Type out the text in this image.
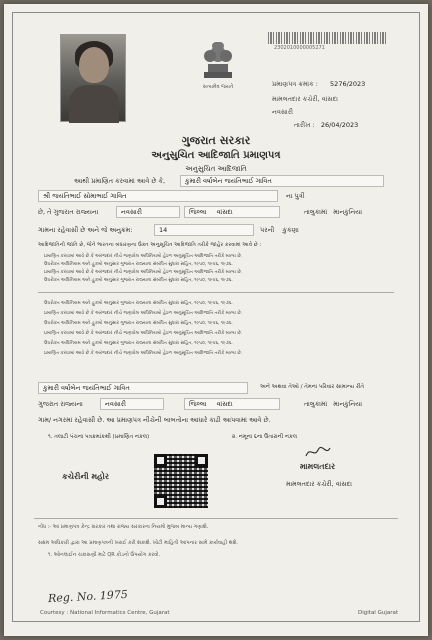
સત્યમેવ જયતે
2302010000005271
પ્રમાણપત્ર ક્રમાંક : 5276/2023
મામલતદાર કચેરી, વાંસદા
નવસારી
તારીખ : 26/04/2023
ગુજરાત સરકાર
અનુસુચિત આદિજાતિ પ્રમાણપત્ર
અનુસુચિત આદિજાતિ
આથી પ્રમાણિત કરવામાં આવે છે કે,	કુમારી વર્ષાબેન જયંતિભાઈ ગાવિત
શ્રી જયંતિભાઈ સોમાભાઈ ગાવિત	ના પુત્રી
છે, તે ગુજરાત રાજ્યના	નવસારી	જિલ્લા વાંસદા	તાલુકામાં માનકુનિયા
ગામના રહેવાસી છે અને જે અનુક્રમ:	14	પરની કુકણા
આદિજાતિની જાતિ છે, જેને ભારતના બંધારણના ઉક્ત અનુસૂચિત આદિજાતિ તરીકે જાહેર કરવામાં આવે છે :
પ્રમાણિત કરવામાં આવે છે કે અરજદાર નીચે જણાવેલ અધિનિયમો હેઠળ અનુસૂચિત આદિજાતિ તરીકે માન્ય છે.
ઉપરોક્ત અધિનિયમ અને હુકમો અનુસાર ગુજરાત રાજ્યના સંબંધિત સુધારા સહિત, ૧૯૫૦, ૧૯૫૬, ૧૯૭૬.
પ્રમાણિત કરવામાં આવે છે કે અરજદાર નીચે જણાવેલ અધિનિયમો હેઠળ અનુસૂચિત આદિજાતિ તરીકે માન્ય છે.
ઉપરોક્ત અધિનિયમ અને હુકમો અનુસાર ગુજરાત રાજ્યના સંબંધિત સુધારા સહિત, ૧૯૫૦, ૧૯૫૬, ૧૯૭૬.
ઉપરોક્ત અધિનિયમ અને હુકમો અનુસાર ગુજરાત રાજ્યના સંબંધિત સુધારા સહિત, ૧૯૫૦, ૧૯૫૬, ૧૯૭૬.
પ્રમાણિત કરવામાં આવે છે કે અરજદાર નીચે જણાવેલ અધિનિયમો હેઠળ અનુસૂચિત આદિજાતિ તરીકે માન્ય છે.
ઉપરોક્ત અધિનિયમ અને હુકમો અનુસાર ગુજરાત રાજ્યના સંબંધિત સુધારા સહિત, ૧૯૫૦, ૧૯૫૬, ૧૯૭૬.
પ્રમાણિત કરવામાં આવે છે કે અરજદાર નીચે જણાવેલ અધિનિયમો હેઠળ અનુસૂચિત આદિજાતિ તરીકે માન્ય છે.
ઉપરોક્ત અધિનિયમ અને હુકમો અનુસાર ગુજરાત રાજ્યના સંબંધિત સુધારા સહિત, ૧૯૫૦, ૧૯૫૬, ૧૯૭૬.
પ્રમાણિત કરવામાં આવે છે કે અરજદાર નીચે જણાવેલ અધિનિયમો હેઠળ અનુસૂચિત આદિજાતિ તરીકે માન્ય છે.
કુમારી વર્ષાબેન જયંતિભાઈ ગાવિત	અને અથવા તેઓ / તેમના પરિવાર સામાન્ય રીતે
ગુજરાત રાજ્યના	નવસારી	જિલ્લા વાંસદા	તાલુકામાં માનકુનિયા
ગામ/ નગરમાં રહેવાસી છે. આ પ્રમાણપત્ર નીચેની બાબતોના આધારે કાઢી આપવામાં આવે છે.
૧. તલાટી પંચના પત્રક્રમાંકથી (પ્રમાણિત નકલ)	૨. નમૂના ૬ના ઉતારાની નકલ
કચેરીની મહોર
મામલતદાર
મામલતદાર કચેરી, વાંસદા
નોંધ :- આ પ્રમાણપત્ર કેન્દ્ર સરકાર તથા રાજ્ય સરકારના નિયમો મુજબ માન્ય ગણાશે.
સક્ષમ અધિકારી દ્વારા આ પ્રમાણપત્રની ખરાઈ કરી શકાશે. ખોટી માહિતી આપનાર સામે કાર્યવાહી થશે.
૧. ઓનલાઈન ચકાસણી માટે QR કોડનો ઉપયોગ કરવો.
Reg. No. 1975
Courtesy : National Informatics Centre, Gujarat	Digital Gujarat
